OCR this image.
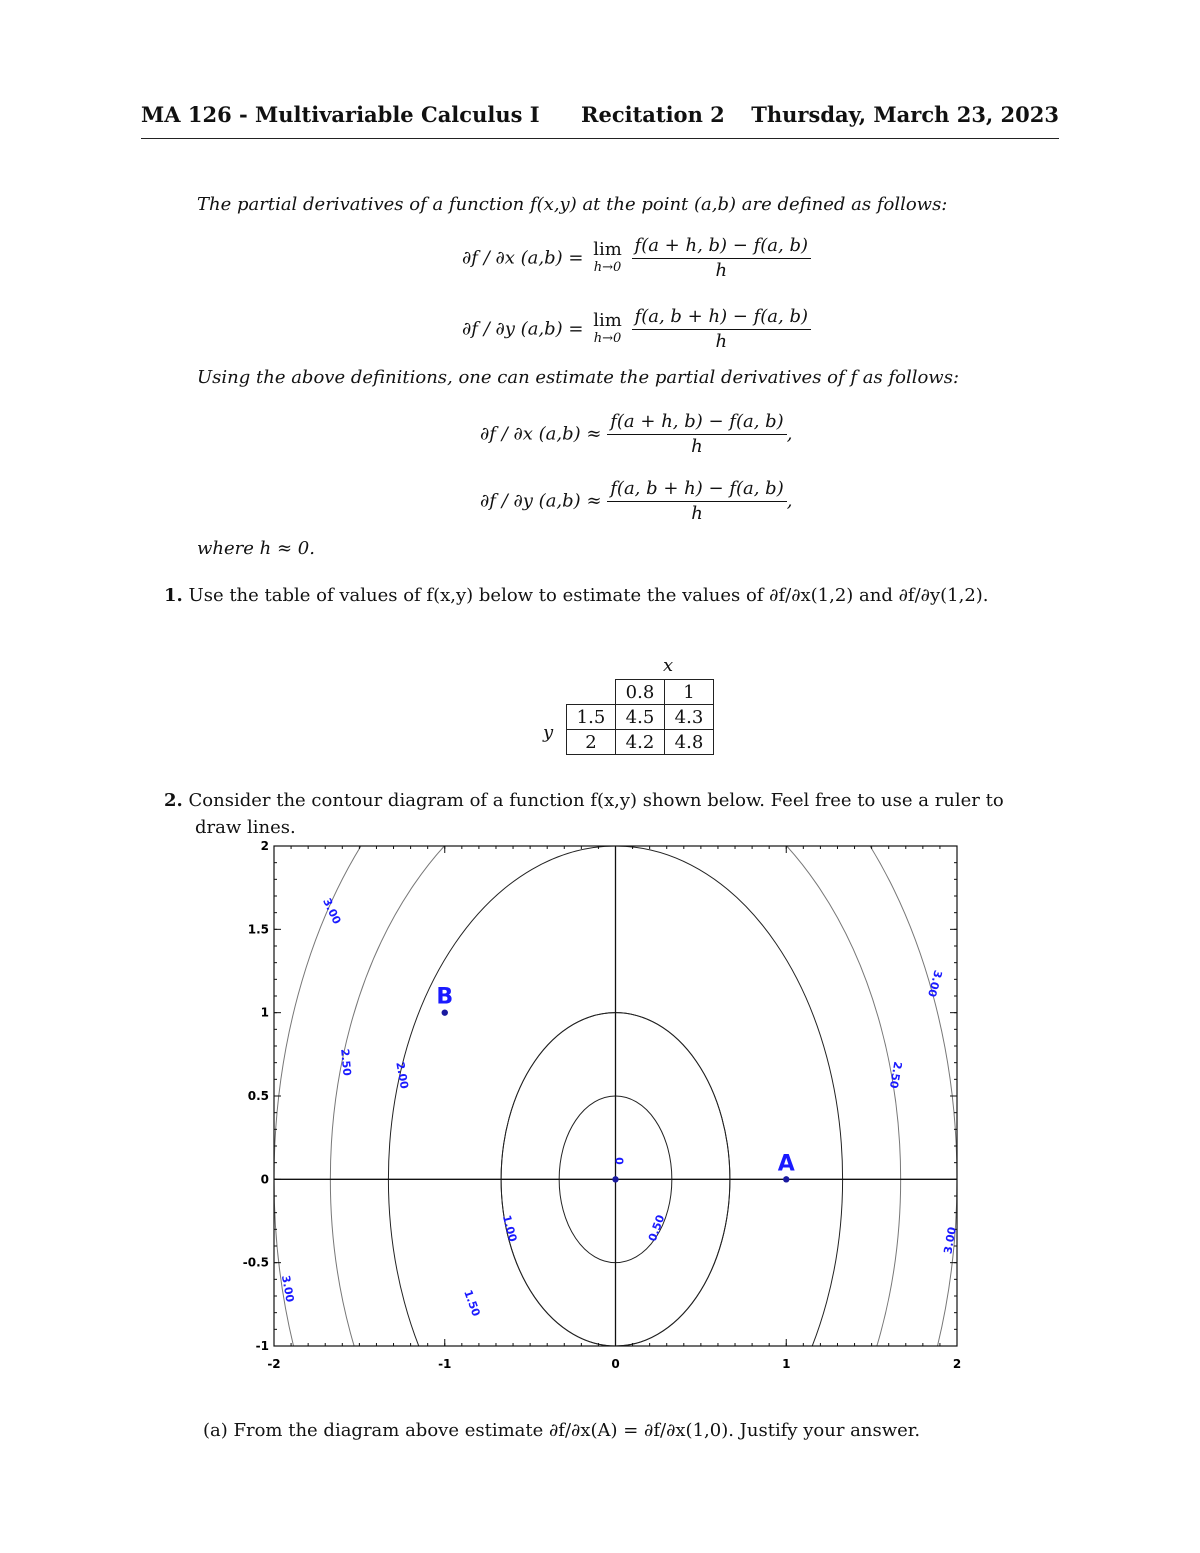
MA 126 - Multivariable Calculus I Recitation 2 Thursday, March 23, 2023
The partial derivatives of a function f(x,y) at the point (a,b) are defined as follows:
∂f / ∂x (a,b) = lim
h→0
$\frac{f(a + h, b) - f(a, b)}{h}$
∂f / ∂y (a,b) = lim
h→0
$\frac{f(a, b + h) - f(a, b)}{h}$
Using the above definitions, one can estimate the partial derivatives of f as follows:
∂f / ∂x $(a,b) \approx \frac{f(a + h, b) - f(a, b)}{h}$ ,
∂f / ∂y $(a,b) \approx \frac{f(a, b + h) - f(a, b)}{h}$ ,
where h ≈ 0.
1. Use the table of values of f(x,y) below to estimate the values of ∂f/∂x(1,2) and ∂f/∂y(1,2).
x
y
	0.8	1
1.5	4.5	4.3
2	4.2	4.8
2. Consider the contour diagram of a function f(x,y) shown below. Feel free to use a ruler to
draw lines.
-2	-1	0	1	2
-1
-0.5
0
0.5
1
1.5
2
3.00
2.50	2.00
1.00
1.50
3.00
0
0.50
3.00
2.50
3.00
A
B
(a) From the diagram above estimate ∂f/∂x(A) = ∂f/∂x(1,0). Justify your answer.
